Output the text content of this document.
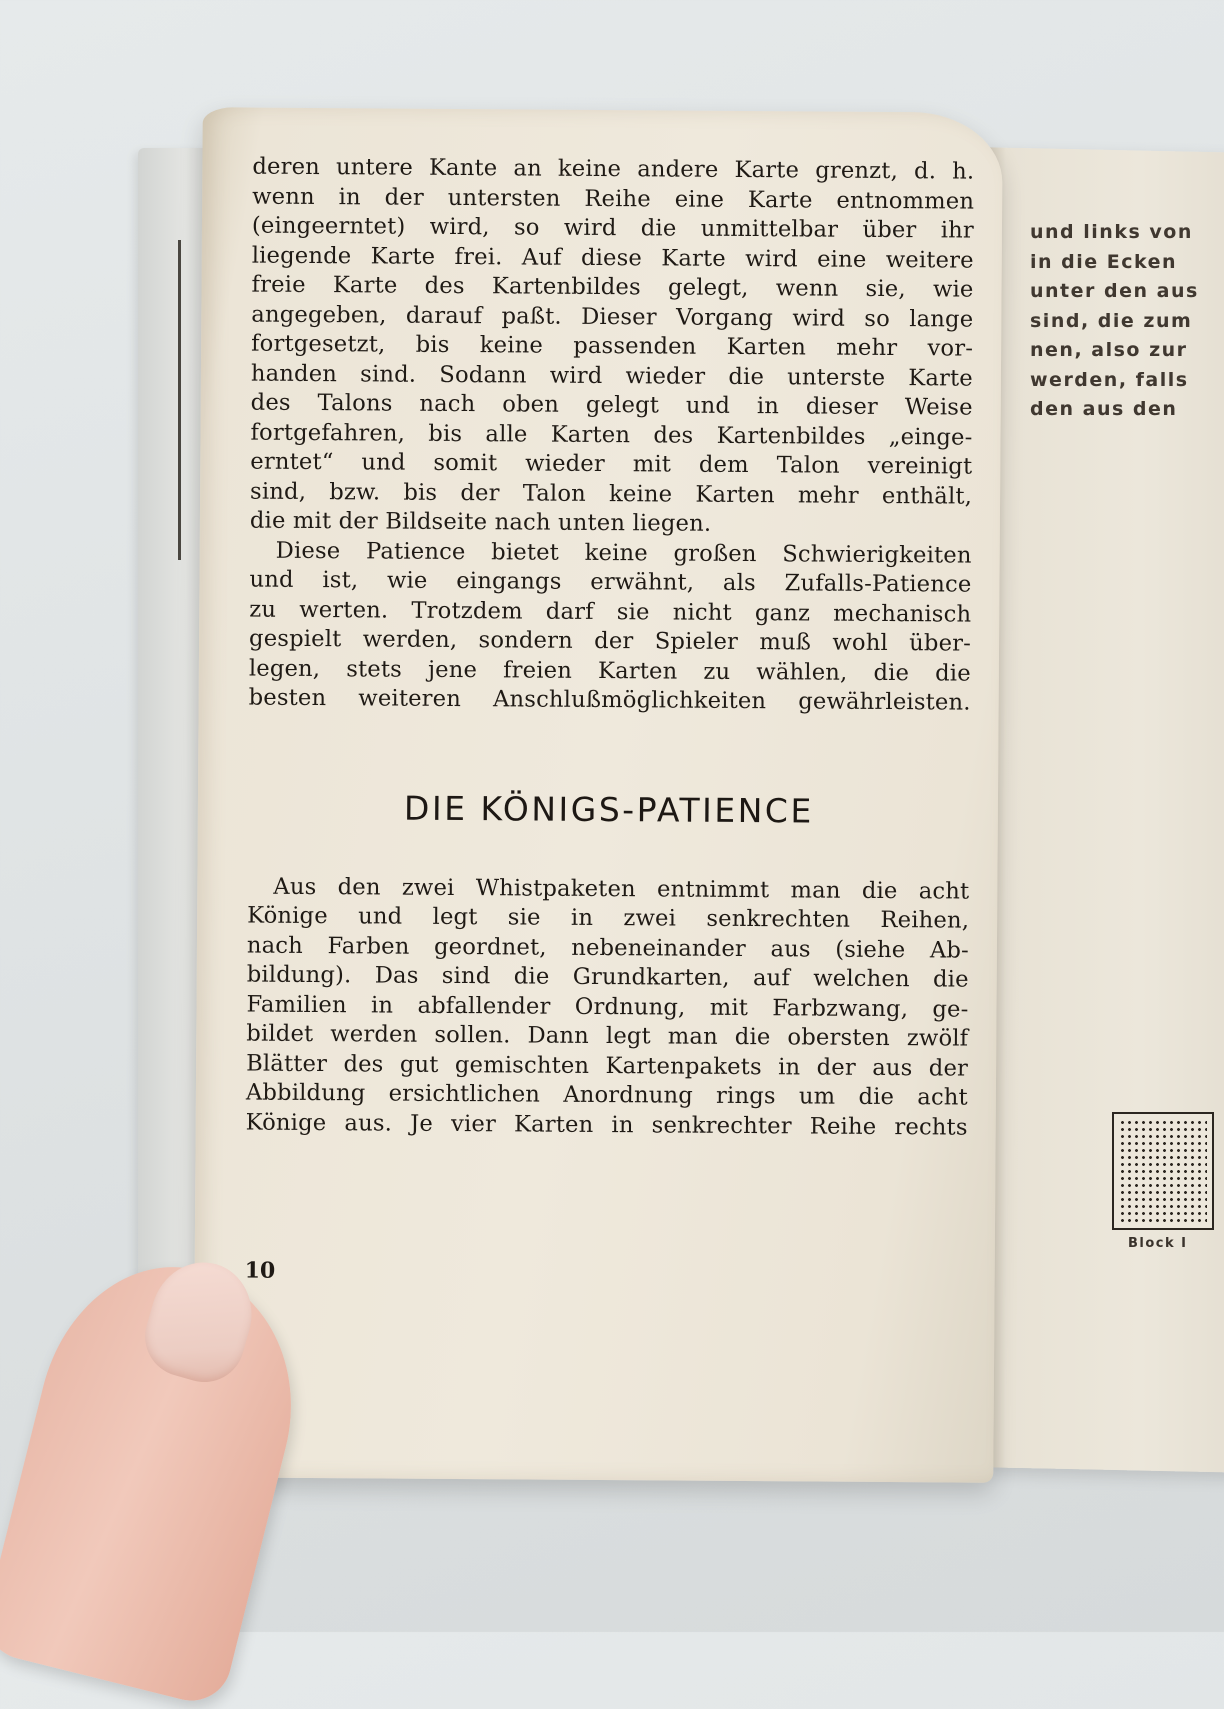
und links von
in die Ecken
unter den aus
sind, die zum
nen, also zur
werden, falls
den aus den
Block I
deren untere Kante an keine andere Karte grenzt, d. h.
wenn in der untersten Reihe eine Karte entnommen
(eingeerntet) wird, so wird die unmittelbar über ihr
liegende Karte frei. Auf diese Karte wird eine weitere
freie Karte des Kartenbildes gelegt, wenn sie, wie
angegeben, darauf paßt. Dieser Vorgang wird so lange
fortgesetzt, bis keine passenden Karten mehr vor-
handen sind. Sodann wird wieder die unterste Karte
des Talons nach oben gelegt und in dieser Weise
fortgefahren, bis alle Karten des Kartenbildes „einge-
erntet“ und somit wieder mit dem Talon vereinigt
sind, bzw. bis der Talon keine Karten mehr enthält,
die mit der Bildseite nach unten liegen.
Diese Patience bietet keine großen Schwierigkeiten
und ist, wie eingangs erwähnt, als Zufalls-Patience
zu werten. Trotzdem darf sie nicht ganz mechanisch
gespielt werden, sondern der Spieler muß wohl über-
legen, stets jene freien Karten zu wählen, die die
besten weiteren Anschlußmöglichkeiten gewährleisten.
DIE KÖNIGS-PATIENCE
Aus den zwei Whistpaketen entnimmt man die acht
Könige und legt sie in zwei senkrechten Reihen,
nach Farben geordnet, nebeneinander aus (siehe Ab-
bildung). Das sind die Grundkarten, auf welchen die
Familien in abfallender Ordnung, mit Farbzwang, ge-
bildet werden sollen. Dann legt man die obersten zwölf
Blätter des gut gemischten Kartenpakets in der aus der
Abbildung ersichtlichen Anordnung rings um die acht
Könige aus. Je vier Karten in senkrechter Reihe rechts
10
